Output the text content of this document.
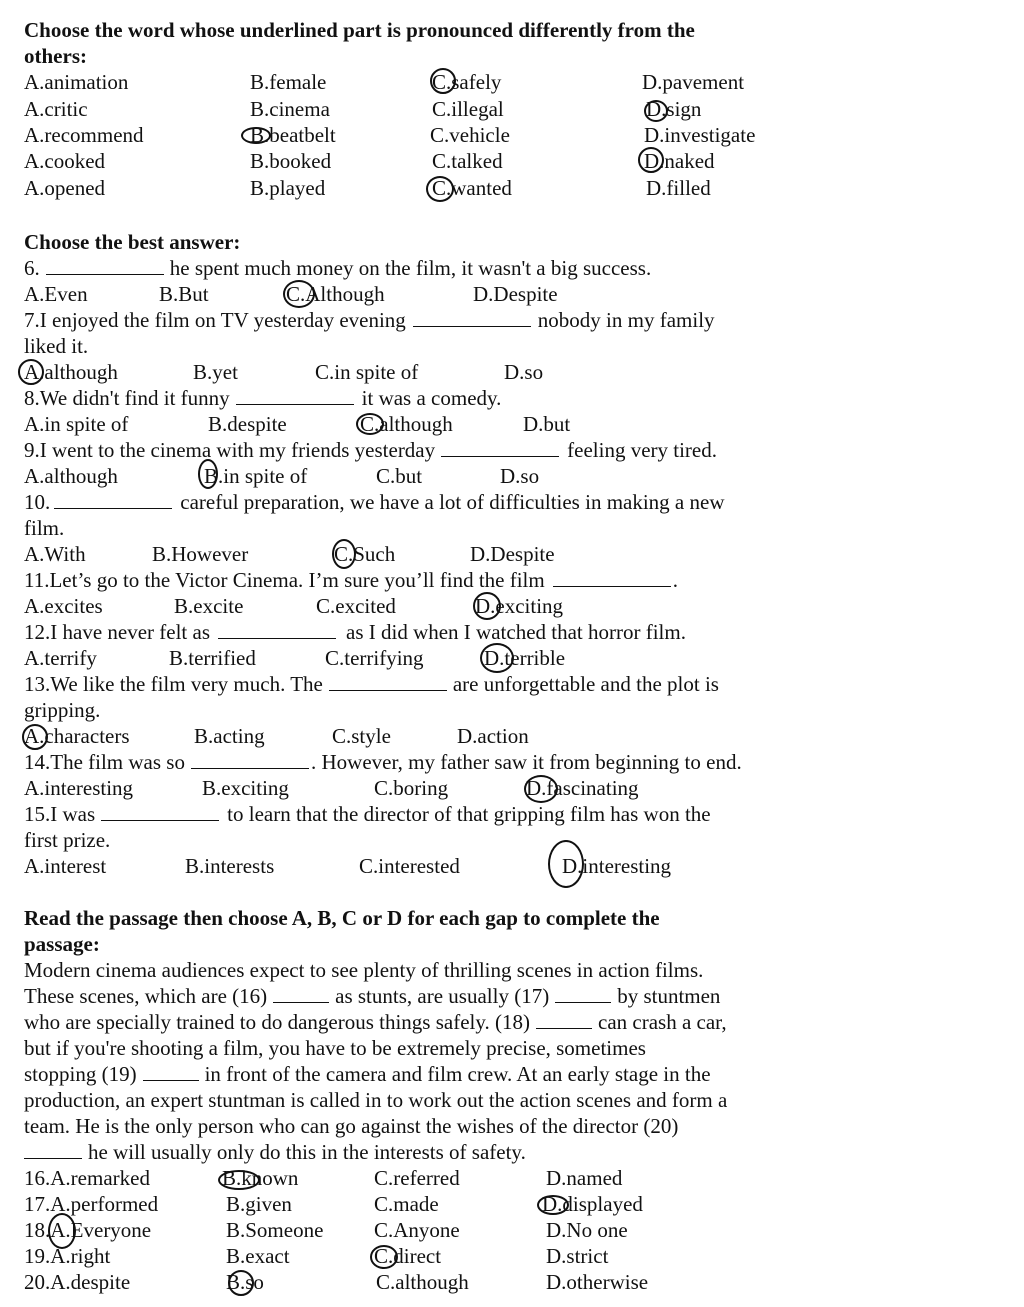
Choose the word whose underlined part is pronounced differently from the
others:
A.animation	B.female	C.safely	D.pavement
A.critic	B.cinema	C.illegal	D.sign
A.recommend	B.beatbelt	C.vehicle	D.investigate
A.cooked	B.booked	C.talked	D.naked
A.opened	B.played	C.wanted	D.filled
Choose the best answer:
6.	he spent much money on the film, it wasn't a big success.
A.Even	B.But	C.Although	D.Despite
7.I enjoyed the film on TV yesterday evening	nobody in my family
liked it.
A.although	B.yet	C.in spite of	D.so
8.We didn't find it funny	it was a comedy.
A.in spite of	B.despite	C.although	D.but
9.I went to the cinema with my friends yesterday	feeling very tired.
A.although	B.in spite of	C.but	D.so
10.	careful preparation, we have a lot of difficulties in making a new
film.
A.With	B.However	C.Such	D.Despite
11.Let’s go to the Victor Cinema. I’m sure you’ll find the film	.
A.excites	B.excite	C.excited	D.exciting
12.I have never felt as	as I did when I watched that horror film.
A.terrify	B.terrified	C.terrifying	D.terrible
13.We like the film very much. The	are unforgettable and the plot is
gripping.
A.characters	B.acting	C.style	D.action
14.The film was so	. However, my father saw it from beginning to end.
A.interesting	B.exciting	C.boring	D.fascinating
15.I was	to learn that the director of that gripping film has won the
first prize.
A.interest	B.interests	C.interested	D.interesting
Read the passage then choose A, B, C or D for each gap to complete the
passage:
Modern cinema audiences expect to see plenty of thrilling scenes in action films.
These scenes, which are (16)	as stunts, are usually (17)	by stuntmen
who are specially trained to do dangerous things safely. (18)	can crash a car,
but if you're shooting a film, you have to be extremely precise, sometimes
stopping (19)	in front of the camera and film crew. At an early stage in the
production, an expert stuntman is called in to work out the action scenes and form a
team. He is the only person who can go against the wishes of the director (20)
he will usually only do this in the interests of safety.
16.A.remarked	B.known	C.referred	D.named
17.A.performed	B.given	C.made	D.displayed
18.A.Everyone	B.Someone C.Anyone	D.No one
19.A.right	B.exact	C.direct	D.strict
20.A.despite	B.so	C.although	D.otherwise
